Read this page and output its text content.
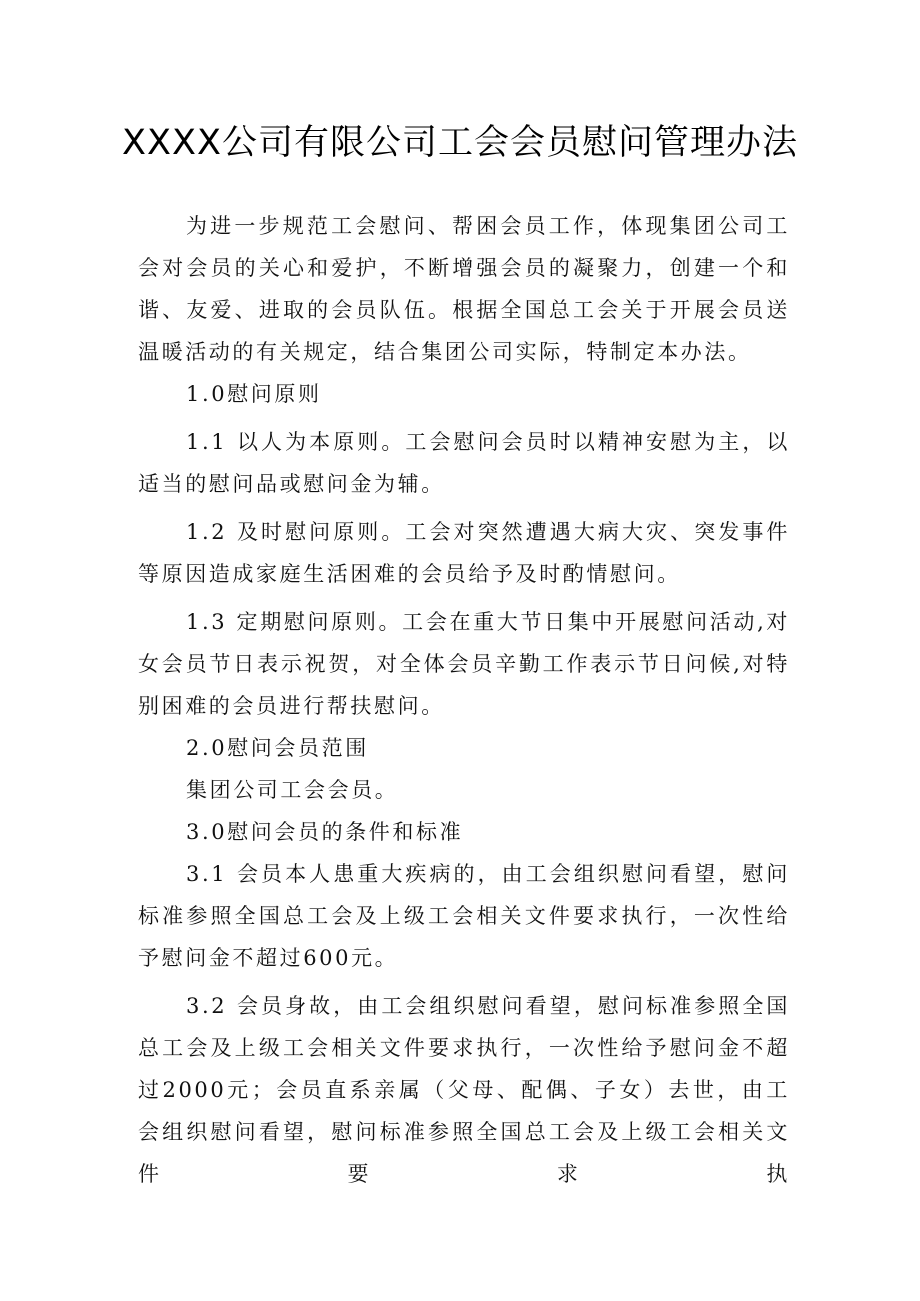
XXXX公司有限公司工会会员慰问管理办法

为进一步规范工会慰问、帮困会员工作，体现集团公司工会对会员的关心和爱护，不断增强会员的凝聚力，创建一个和谐、友爱、进取的会员队伍。根据全国总工会关于开展会员送温暖活动的有关规定，结合集团公司实际，特制定本办法。

1.0慰问原则

1.1 以人为本原则。工会慰问会员时以精神安慰为主，以适当的慰问品或慰问金为辅。

1.2 及时慰问原则。工会对突然遭遇大病大灾、突发事件等原因造成家庭生活困难的会员给予及时酌情慰问。

1.3 定期慰问原则。工会在重大节日集中开展慰问活动,对女会员节日表示祝贺，对全体会员辛勤工作表示节日问候,对特别困难的会员进行帮扶慰问。

2.0慰问会员范围

集团公司工会会员。

3.0慰问会员的条件和标准

3.1 会员本人患重大疾病的，由工会组织慰问看望，慰问标准参照全国总工会及上级工会相关文件要求执行，一次性给予慰问金不超过600元。

3.2 会员身故，由工会组织慰问看望，慰问标准参照全国总工会及上级工会相关文件要求执行，一次性给予慰问金不超过2000元；会员直系亲属（父母、配偶、子女）去世，由工会组织慰问看望，慰问标准参照全国总工会及上级工会相关文件要求执
